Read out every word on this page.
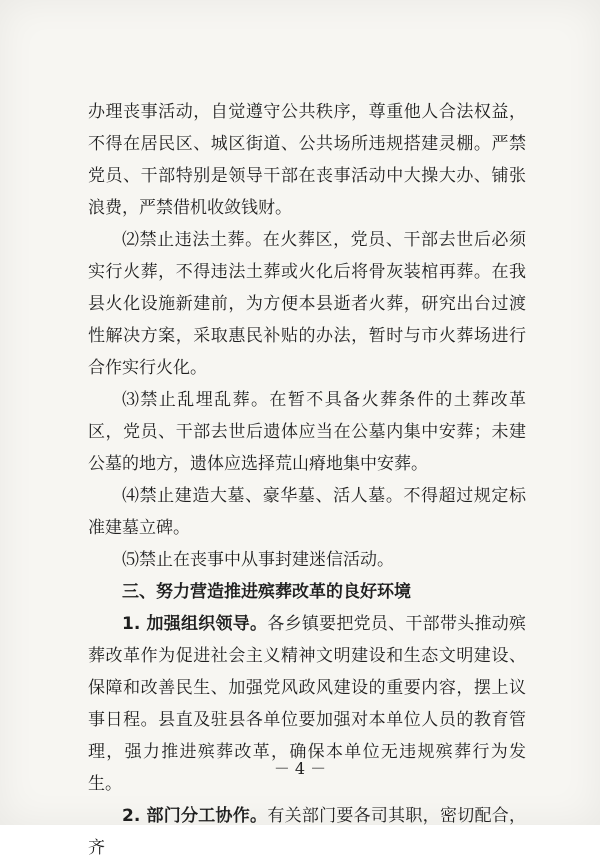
办理丧事活动，自觉遵守公共秩序，尊重他人合法权益，不得在居民区、城区街道、公共场所违规搭建灵棚。严禁党员、干部特别是领导干部在丧事活动中大操大办、铺张浪费，严禁借机收敛钱财。

⑵禁止违法土葬。在火葬区，党员、干部去世后必须实行火葬，不得违法土葬或火化后将骨灰装棺再葬。在我县火化设施新建前，为方便本县逝者火葬，研究出台过渡性解决方案，采取惠民补贴的办法，暂时与市火葬场进行合作实行火化。

⑶禁止乱埋乱葬。在暂不具备火葬条件的土葬改革区，党员、干部去世后遗体应当在公墓内集中安葬；未建公墓的地方，遗体应选择荒山瘠地集中安葬。

⑷禁止建造大墓、豪华墓、活人墓。不得超过规定标准建墓立碑。

⑸禁止在丧事中从事封建迷信活动。

三、努力营造推进殡葬改革的良好环境

1. 加强组织领导。各乡镇要把党员、干部带头推动殡葬改革作为促进社会主义精神文明建设和生态文明建设、保障和改善民生、加强党风政风建设的重要内容，摆上议事日程。县直及驻县各单位要加强对本单位人员的教育管理，强力推进殡葬改革，确保本单位无违规殡葬行为发生。

2. 部门分工协作。有关部门要各司其职，密切配合，齐

－ 4 －
